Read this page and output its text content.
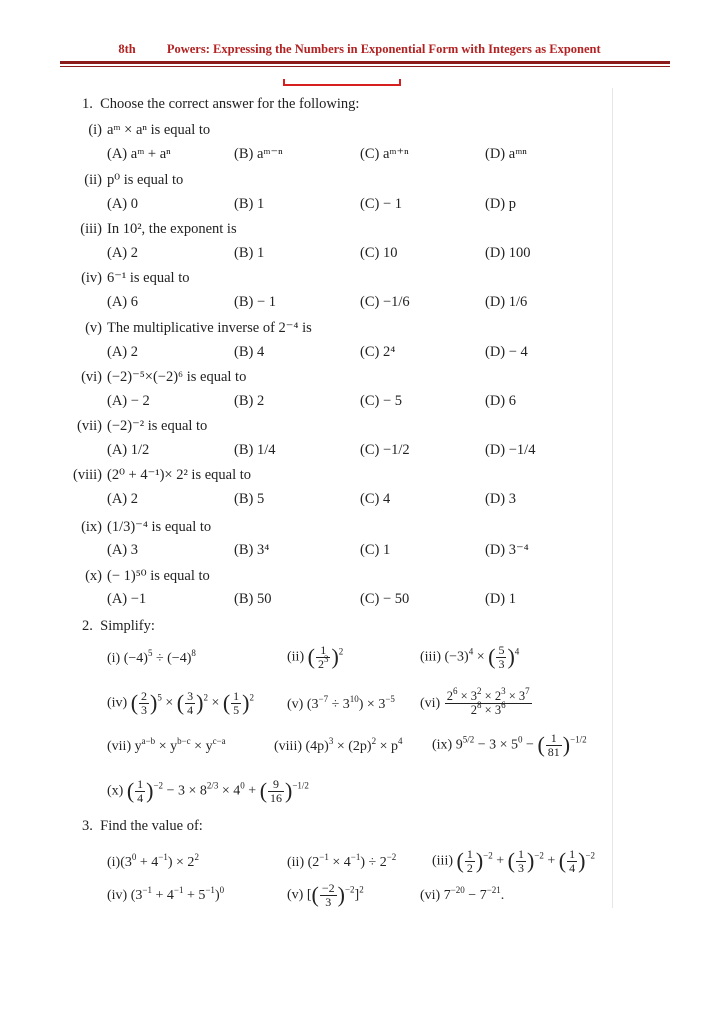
8th Powers: Expressing the Numbers in Exponential Form with Integers as Exponent
1. Choose the correct answer for the following:
(i) aᵐ × aⁿ is equal to
(A) aᵐ + aⁿ	(B) aᵐ⁻ⁿ	(C) aᵐ⁺ⁿ	(D) aᵐⁿ
(ii) p⁰ is equal to
(A) 0	(B) 1	(C) − 1	(D) p
(iii) In 10², the exponent is
(A) 2	(B) 1	(C) 10	(D) 100
(iv) 6⁻¹ is equal to
(A) 6	(B) − 1	(C) −1/6	(D) 1/6
(v) The multiplicative inverse of 2⁻⁴ is
(A) 2	(B) 4	(C) 2⁴	(D) − 4
(vi) (−2)⁻⁵×(−2)⁶ is equal to
(A) − 2	(B) 2	(C) − 5	(D) 6
(vii) (−2)⁻² is equal to
(A) 1/2	(B) 1/4	(C) −1/2	(D) −1/4
(viii) (2⁰ + 4⁻¹)× 2² is equal to
(A) 2	(B) 5	(C) 4	(D) 3
(ix) (1/3)⁻⁴ is equal to
(A) 3	(B) 3⁴	(C) 1	(D) 3⁻⁴
(x) (− 1)⁵⁰ is equal to
(A) −1	(B) 50	(C) − 50	(D) 1
2. Simplify:
(i) $(-4)^5 \div (-4)^8$	(ii) ( $\frac{1}{2^3} )^2$	(iii) $(-3)^4$ × ( $\frac{5}{3} )^4$
(iv) ( $\frac{2}{3} )^5$ × ( $\frac{3}{4} )^2$ × ( $\frac{1}{5} )^2$ (v) $(3^{-7} \div 3^{10}) \times 3^{-5}$ $(vi) \frac{2^6 \times 3^2 \times 2^3 \times 3^7}{2^8 \times 3^6}$
(vii) $y^{a-b} \times y^{b-c} \times y^{c-a}$	(viii) $(4p)^3 \times (2p)^2 \times p^4$ (ix) $9^{5/2} - 3 \times 5^0$ − ( $\frac{1}{81} )^{-1/2}$
(x) ( $\frac{1}{4} )^{-2} - 3 \times 8^{2/3} \times 4^0$ + ( $\frac{9}{16} )^{-1/2}$
3. Find the value of:
$(i)(3^0 + 4^{-1}) \times 2^2$	(ii) $(2^{-1} \times 4^{-1}) \div 2^{-2}$	(iii) ( $\frac{1}{2} )^{-2}$ + ( $\frac{1}{3} )^{-2}$ + ( $\frac{1}{4} )^{-2}$
(iv) $(3^{-1} + 4^{-1} + 5^{-1})^0$	(v) [( $\frac{-2}{3} )^{-2}]^2$	(vi) $7^{-20} - 7^{-21}$.
